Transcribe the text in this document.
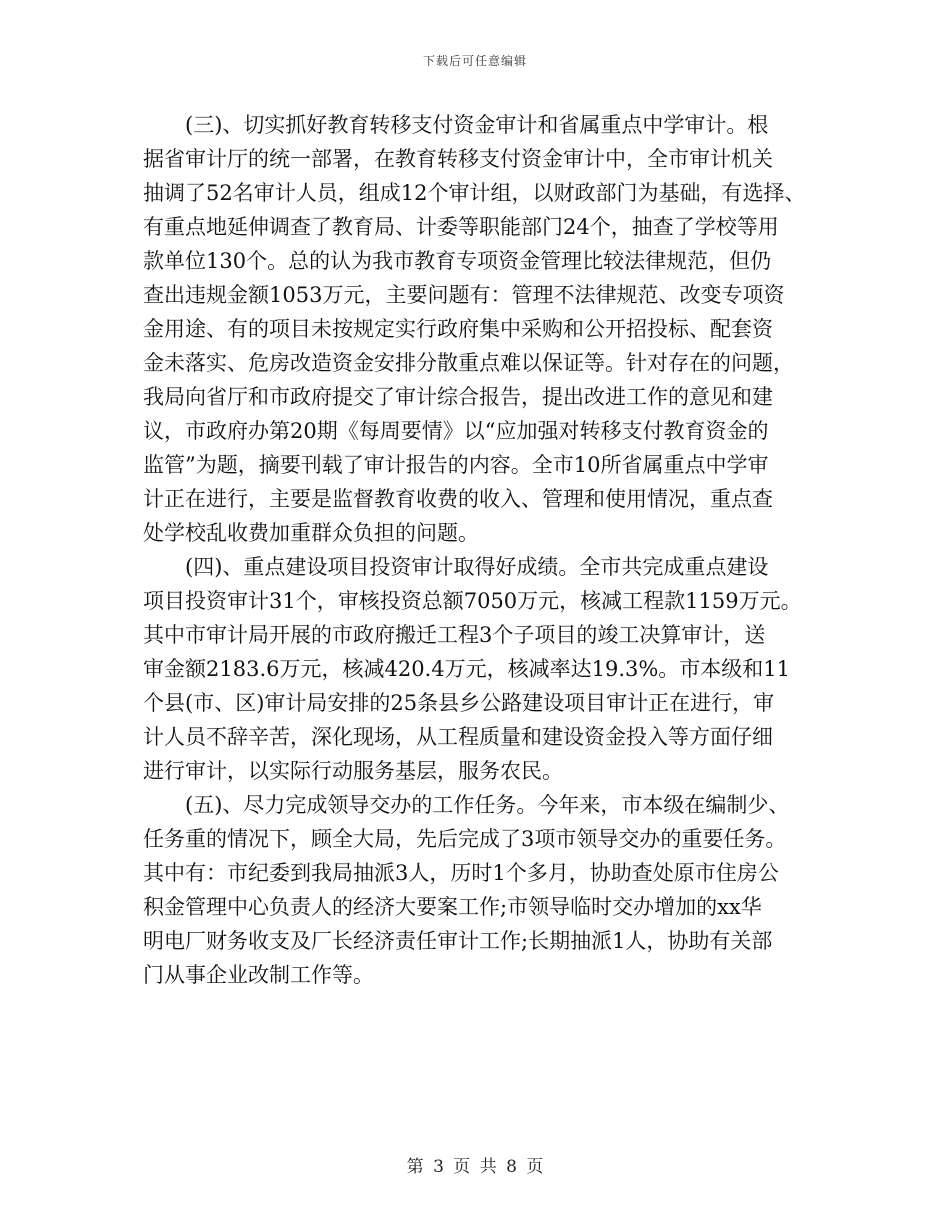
下载后可任意编辑
(三)、切实抓好教育转移支付资金审计和省属重点中学审计。根
据省审计厅的统一部署，在教育转移支付资金审计中，全市审计机关
抽调了52名审计人员，组成12个审计组，以财政部门为基础，有选择、
有重点地延伸调查了教育局、计委等职能部门24个，抽查了学校等用
款单位130个。总的认为我市教育专项资金管理比较法律规范，但仍
查出违规金额1053万元，主要问题有：管理不法律规范、改变专项资
金用途、有的项目未按规定实行政府集中采购和公开招投标、配套资
金未落实、危房改造资金安排分散重点难以保证等。针对存在的问题，
我局向省厅和市政府提交了审计综合报告，提出改进工作的意见和建
议，市政府办第20期《每周要情》以“应加强对转移支付教育资金的
监管”为题，摘要刊载了审计报告的内容。全市10所省属重点中学审
计正在进行，主要是监督教育收费的收入、管理和使用情况，重点查
处学校乱收费加重群众负担的问题。
(四)、重点建设项目投资审计取得好成绩。全市共完成重点建设
项目投资审计31个，审核投资总额7050万元，核减工程款1159万元。
其中市审计局开展的市政府搬迁工程3个子项目的竣工决算审计，送
审金额2183.6万元，核减420.4万元，核减率达19.3%。市本级和11
个县(市、区)审计局安排的25条县乡公路建设项目审计正在进行，审
计人员不辞辛苦，深化现场，从工程质量和建设资金投入等方面仔细
进行审计，以实际行动服务基层，服务农民。
(五)、尽力完成领导交办的工作任务。今年来，市本级在编制少、
任务重的情况下，顾全大局，先后完成了3项市领导交办的重要任务。
其中有：市纪委到我局抽派3人，历时1个多月，协助查处原市住房公
积金管理中心负责人的经济大要案工作;市领导临时交办增加的xx华
明电厂财务收支及厂长经济责任审计工作;长期抽派1人，协助有关部
门从事企业改制工作等。
第 3 页 共 8 页
